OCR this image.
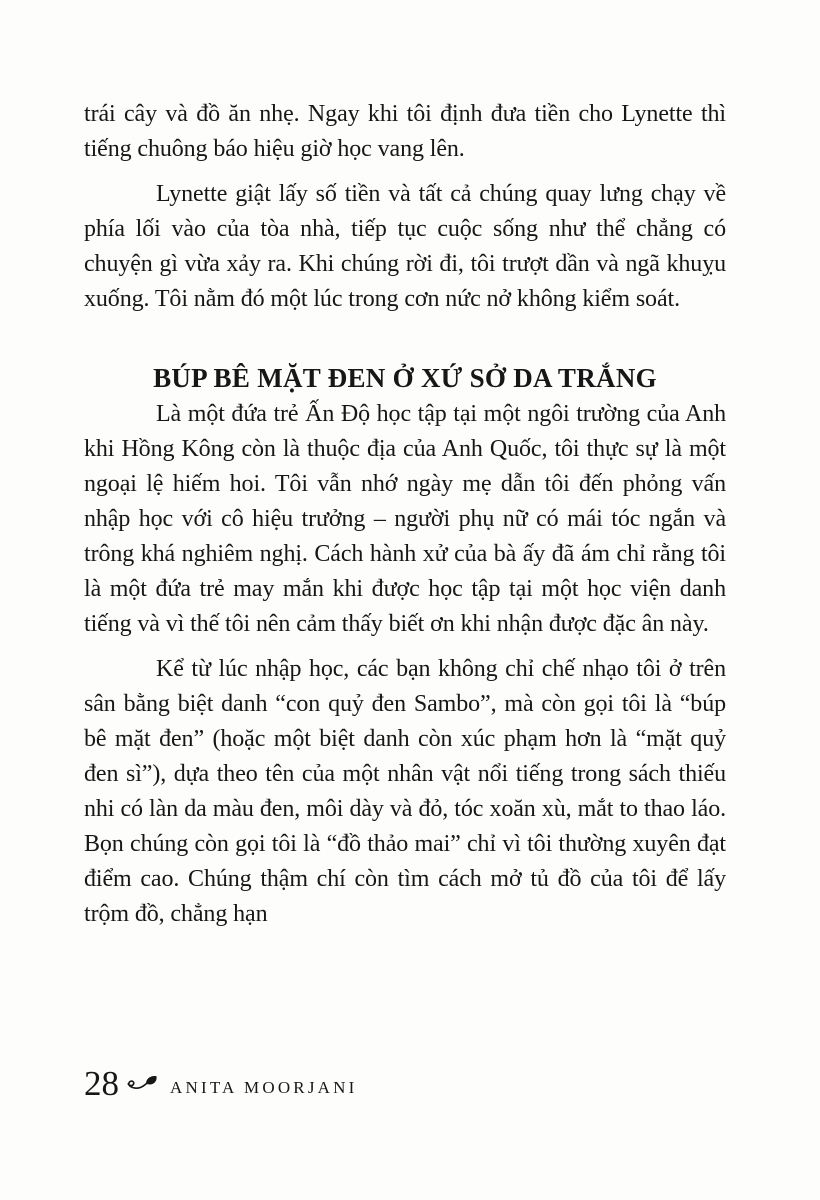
trái cây và đồ ăn nhẹ. Ngay khi tôi định đưa tiền cho Lynette thì tiếng chuông báo hiệu giờ học vang lên.

Lynette giật lấy số tiền và tất cả chúng quay lưng chạy về phía lối vào của tòa nhà, tiếp tục cuộc sống như thể chẳng có chuyện gì vừa xảy ra. Khi chúng rời đi, tôi trượt dần và ngã khuỵu xuống. Tôi nằm đó một lúc trong cơn nức nở không kiểm soát.

BÚP BÊ MẶT ĐEN Ở XỨ SỞ DA TRẮNG

Là một đứa trẻ Ấn Độ học tập tại một ngôi trường của Anh khi Hồng Kông còn là thuộc địa của Anh Quốc, tôi thực sự là một ngoại lệ hiếm hoi. Tôi vẫn nhớ ngày mẹ dẫn tôi đến phỏng vấn nhập học với cô hiệu trưởng – người phụ nữ có mái tóc ngắn và trông khá nghiêm nghị. Cách hành xử của bà ấy đã ám chỉ rằng tôi là một đứa trẻ may mắn khi được học tập tại một học viện danh tiếng và vì thế tôi nên cảm thấy biết ơn khi nhận được đặc ân này.

Kể từ lúc nhập học, các bạn không chỉ chế nhạo tôi ở trên sân bằng biệt danh “con quỷ đen Sambo”, mà còn gọi tôi là “búp bê mặt đen” (hoặc một biệt danh còn xúc phạm hơn là “mặt quỷ đen sì”), dựa theo tên của một nhân vật nổi tiếng trong sách thiếu nhi có làn da màu đen, môi dày và đỏ, tóc xoăn xù, mắt to thao láo. Bọn chúng còn gọi tôi là “đồ thảo mai” chỉ vì tôi thường xuyên đạt điểm cao. Chúng thậm chí còn tìm cách mở tủ đồ của tôi để lấy trộm đồ, chẳng hạn

28	ANITA MOORJANI
